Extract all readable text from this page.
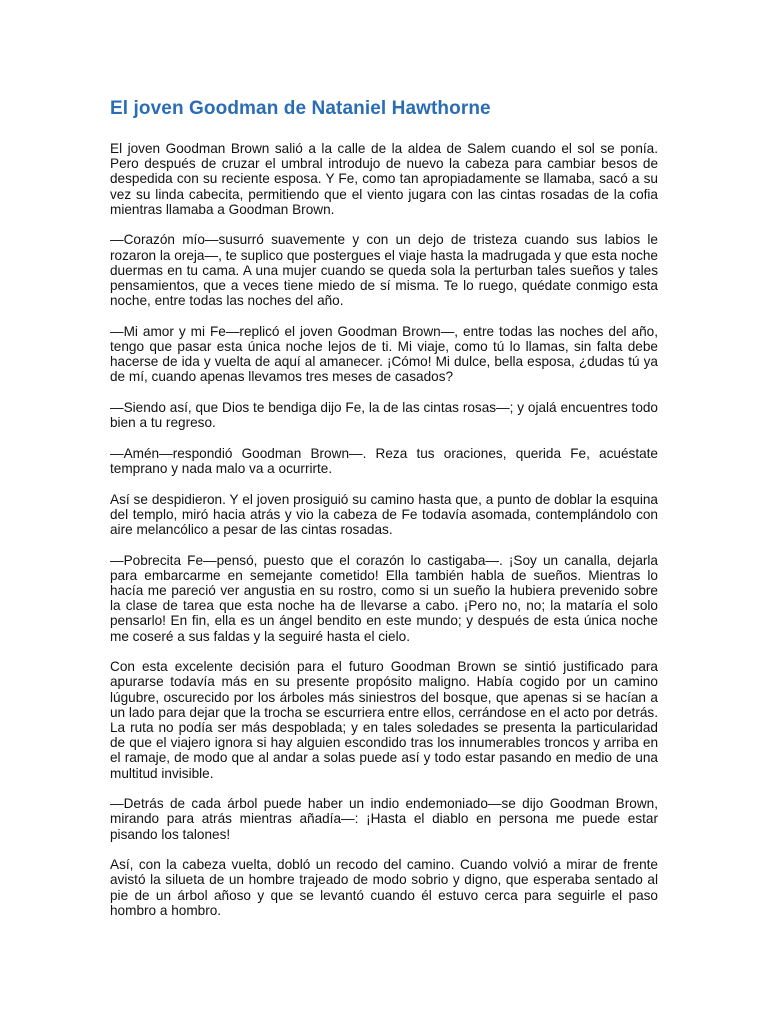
El joven Goodman de Nataniel Hawthorne

El joven Goodman Brown salió a la calle de la aldea de Salem cuando el sol se ponía. Pero después de cruzar el umbral introdujo de nuevo la cabeza para cambiar besos de despedida con su reciente esposa. Y Fe, como tan apropiadamente se llamaba, sacó a su vez su linda cabecita, permitiendo que el viento jugara con las cintas rosadas de la cofia mientras llamaba a Goodman Brown.

—Corazón mío—susurró suavemente y con un dejo de tristeza cuando sus labios le rozaron la oreja—, te suplico que postergues el viaje hasta la madrugada y que esta noche duermas en tu cama. A una mujer cuando se queda sola la perturban tales sueños y tales pensamientos, que a veces tiene miedo de sí misma. Te lo ruego, quédate conmigo esta noche, entre todas las noches del año.

—Mi amor y mi Fe—replicó el joven Goodman Brown—, entre todas las noches del año, tengo que pasar esta única noche lejos de ti. Mi viaje, como tú lo llamas, sin falta debe hacerse de ida y vuelta de aquí al amanecer. ¡Cómo! Mi dulce, bella esposa, ¿dudas tú ya de mí, cuando apenas llevamos tres meses de casados?

—Siendo así, que Dios te bendiga dijo Fe, la de las cintas rosas—; y ojalá encuentres todo bien a tu regreso.

—Amén—respondió Goodman Brown—. Reza tus oraciones, querida Fe, acuéstate temprano y nada malo va a ocurrirte.

Así se despidieron. Y el joven prosiguió su camino hasta que, a punto de doblar la esquina del templo, miró hacia atrás y vio la cabeza de Fe todavía asomada, contemplándolo con aire melancólico a pesar de las cintas rosadas.

—Pobrecita Fe—pensó, puesto que el corazón lo castigaba—. ¡Soy un canalla, dejarla para embarcarme en semejante cometido! Ella también habla de sueños. Mientras lo hacía me pareció ver angustia en su rostro, como si un sueño la hubiera prevenido sobre la clase de tarea que esta noche ha de llevarse a cabo. ¡Pero no, no; la mataría el solo pensarlo! En fin, ella es un ángel bendito en este mundo; y después de esta única noche me coseré a sus faldas y la seguiré hasta el cielo.

Con esta excelente decisión para el futuro Goodman Brown se sintió justificado para apurarse todavía más en su presente propósito maligno. Había cogido por un camino lúgubre, oscurecido por los árboles más siniestros del bosque, que apenas si se hacían a un lado para dejar que la trocha se escurriera entre ellos, cerrándose en el acto por detrás. La ruta no podía ser más despoblada; y en tales soledades se presenta la particularidad de que el viajero ignora si hay alguien escondido tras los innumerables troncos y arriba en el ramaje, de modo que al andar a solas puede así y todo estar pasando en medio de una multitud invisible.

—Detrás de cada árbol puede haber un indio endemoniado—se dijo Goodman Brown, mirando para atrás mientras añadía—: ¡Hasta el diablo en persona me puede estar pisando los talones!

Así, con la cabeza vuelta, dobló un recodo del camino. Cuando volvió a mirar de frente avistó la silueta de un hombre trajeado de modo sobrio y digno, que esperaba sentado al pie de un árbol añoso y que se levantó cuando él estuvo cerca para seguirle el paso hombro a hombro.
